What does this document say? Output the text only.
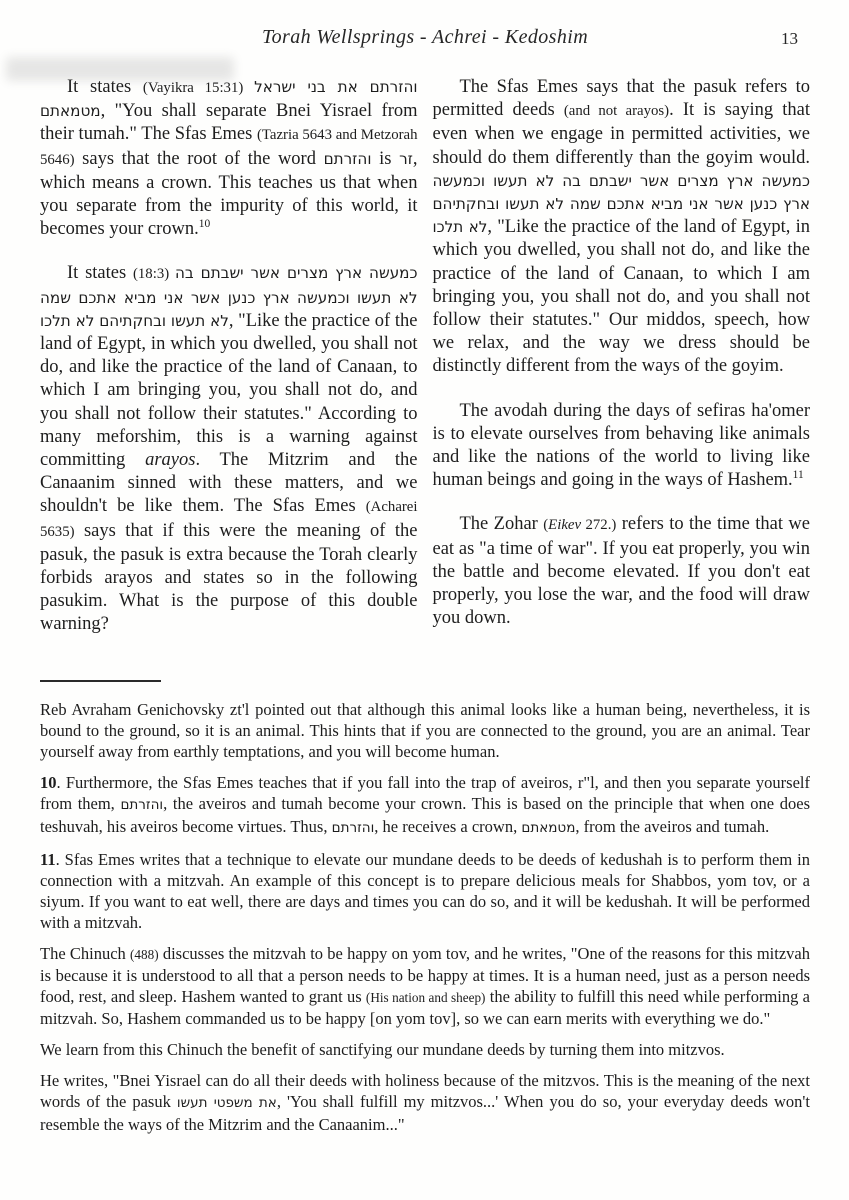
Torah Wellsprings - Achrei - Kedoshim	13
It states (Vayikra 15:31) והזרתם את בני ישראל מטמאתם, "You shall separate Bnei Yisrael from their tumah." The Sfas Emes (Tazria 5643 and Metzorah 5646) says that the root of the word והזרתם is זר, which means a crown. This teaches us that when you separate from the impurity of this world, it becomes your crown.$^{10}$
It states (18:3) כמעשה ארץ מצרים אשר ישבתם בה לא תעשו וכמעשה ארץ כנען אשר אני מביא אתכם שמה לא תעשו ובחקתיהם לא תלכו, "Like the practice of the land of Egypt, in which you dwelled, you shall not do, and like the practice of the land of Canaan, to which I am bringing you, you shall not do, and you shall not follow their statutes." According to many meforshim, this is a warning against committing arayos. The Mitzrim and the Canaanim sinned with these matters, and we shouldn't be like them. The Sfas Emes (Acharei 5635) says that if this were the meaning of the pasuk, the pasuk is extra because the Torah clearly forbids arayos and states so in the following pasukim. What is the purpose of this double warning?
The Sfas Emes says that the pasuk refers to permitted deeds (and not arayos). It is saying that even when we engage in permitted activities, we should do them differently than the goyim would. כמעשה ארץ מצרים אשר ישבתם בה לא תעשו וכמעשה ארץ כנען אשר אני מביא אתכם שמה לא תעשו ובחקתיהם לא תלכו, "Like the practice of the land of Egypt, in which you dwelled, you shall not do, and like the practice of the land of Canaan, to which I am bringing you, you shall not do, and you shall not follow their statutes." Our middos, speech, how we relax, and the way we dress should be distinctly different from the ways of the goyim.
The avodah during the days of sefiras ha'omer is to elevate ourselves from behaving like animals and like the nations of the world to living like human beings and going in the ways of Hashem.$^{11}$
The Zohar (Eikev 272.) refers to the time that we eat as "a time of war". If you eat properly, you win the battle and become elevated. If you don't eat properly, you lose the war, and the food will draw you down.
Reb Avraham Genichovsky zt'l pointed out that although this animal looks like a human being, nevertheless, it is bound to the ground, so it is an animal. This hints that if you are connected to the ground, you are an animal. Tear yourself away from earthly temptations, and you will become human.
10. Furthermore, the Sfas Emes teaches that if you fall into the trap of aveiros, r"l, and then you separate yourself from them, והזרתם, the aveiros and tumah become your crown. This is based on the principle that when one does teshuvah, his aveiros become virtues. Thus, והזרתם, he receives a crown, מטמאתם, from the aveiros and tumah.
11. Sfas Emes writes that a technique to elevate our mundane deeds to be deeds of kedushah is to perform them in connection with a mitzvah. An example of this concept is to prepare delicious meals for Shabbos, yom tov, or a siyum. If you want to eat well, there are days and times you can do so, and it will be kedushah. It will be performed with a mitzvah.
The Chinuch (488) discusses the mitzvah to be happy on yom tov, and he writes, "One of the reasons for this mitzvah is because it is understood to all that a person needs to be happy at times. It is a human need, just as a person needs food, rest, and sleep. Hashem wanted to grant us (His nation and sheep) the ability to fulfill this need while performing a mitzvah. So, Hashem commanded us to be happy [on yom tov], so we can earn merits with everything we do."
We learn from this Chinuch the benefit of sanctifying our mundane deeds by turning them into mitzvos.
He writes, "Bnei Yisrael can do all their deeds with holiness because of the mitzvos. This is the meaning of the next words of the pasuk את משפטי תעשו, 'You shall fulfill my mitzvos...' When you do so, your everyday deeds won't resemble the ways of the Mitzrim and the Canaanim..."
